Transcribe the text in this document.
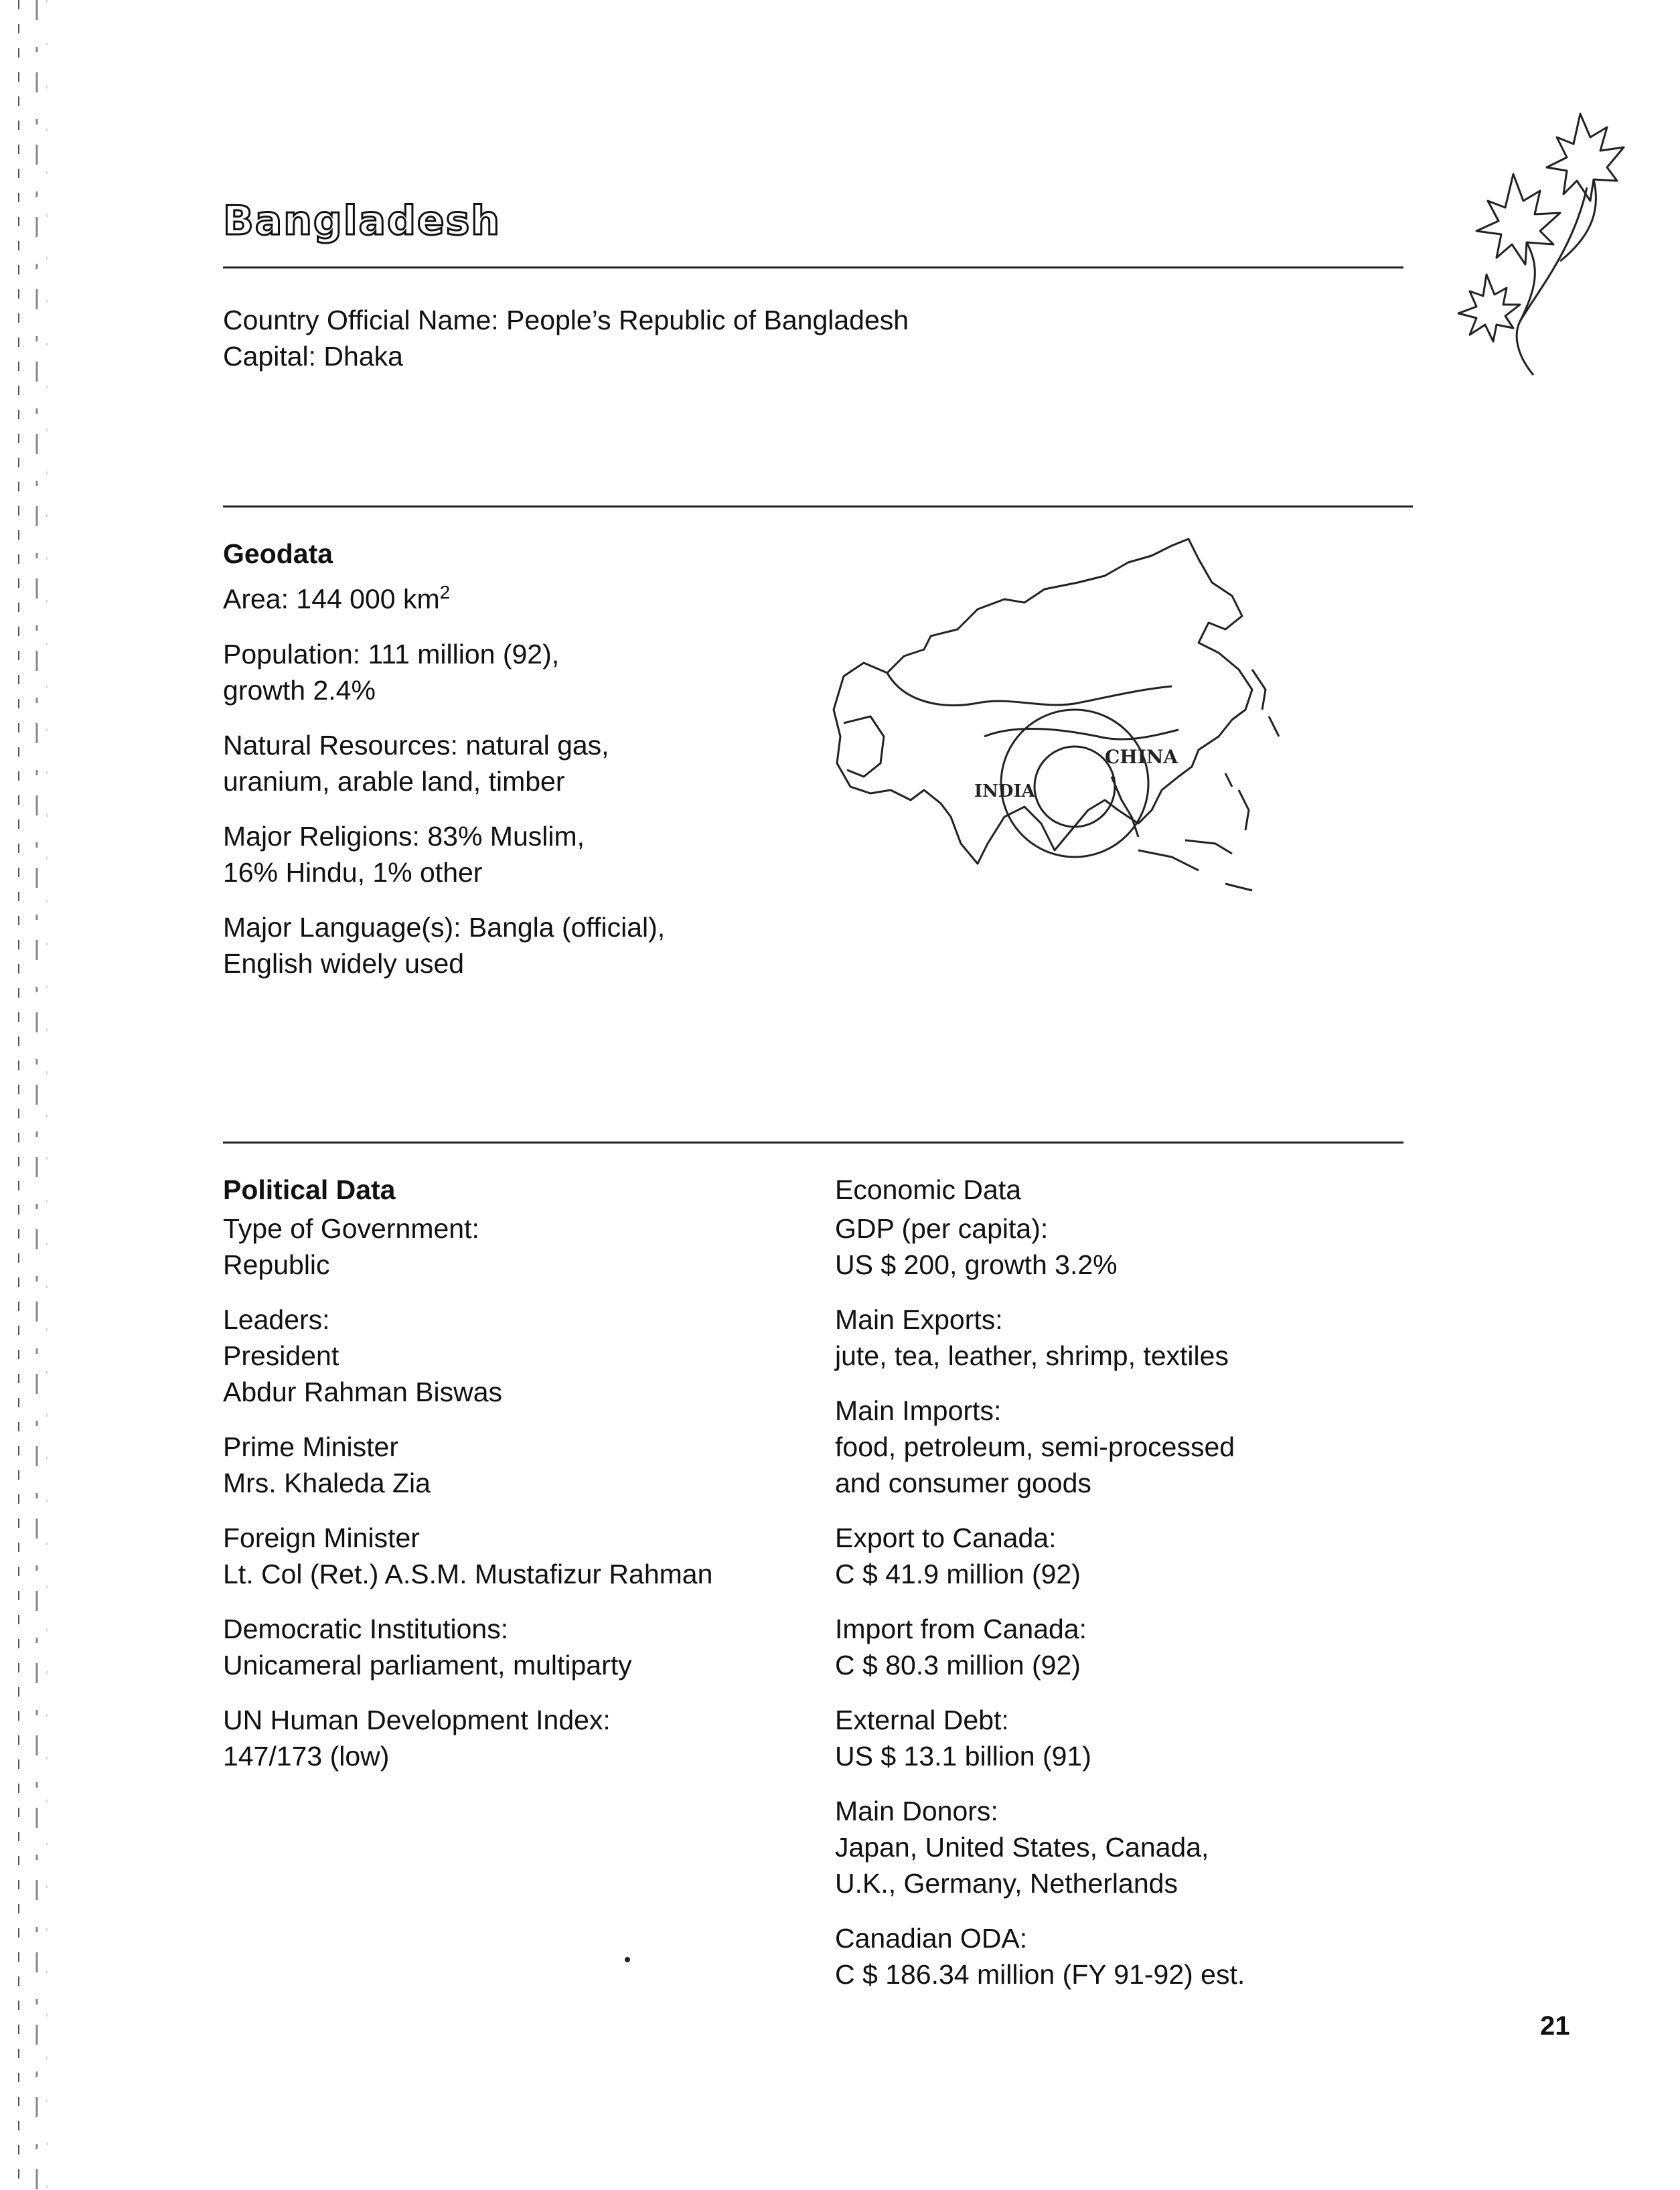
Bangladesh

Country Official Name: People’s Republic of Bangladesh

Capital: Dhaka

Geodata

Area: 144 000 $km^2$
Population: 111 million (92),
growth 2.4%
Natural Resources: natural gas,
uranium, arable land, timber
Major Religions: 83% Muslim,
16% Hindu, 1% other
Major Language(s): Bangla (official),
English widely used
CHINA
INDIA

Political Data

Type of Government:
Republic
Leaders:
President
Abdur Rahman Biswas
Prime Minister
Mrs. Khaleda Zia
Foreign Minister
Lt. Col (Ret.) A.S.M. Mustafizur Rahman
Democratic Institutions:
Unicameral parliament, multiparty
UN Human Development Index:
147/173 (low)

Economic Data

GDP (per capita):
US $ 200, growth 3.2%
Main Exports:
jute, tea, leather, shrimp, textiles
Main Imports:
food, petroleum, semi-processed
and consumer goods
Export to Canada:
C $ 41.9 million (92)
Import from Canada:
C $ 80.3 million (92)
External Debt:
US $ 13.1 billion (91)
Main Donors:
Japan, United States, Canada,
U.K., Germany, Netherlands
Canadian ODA:
C $ 186.34 million (FY 91-92) est.
21
